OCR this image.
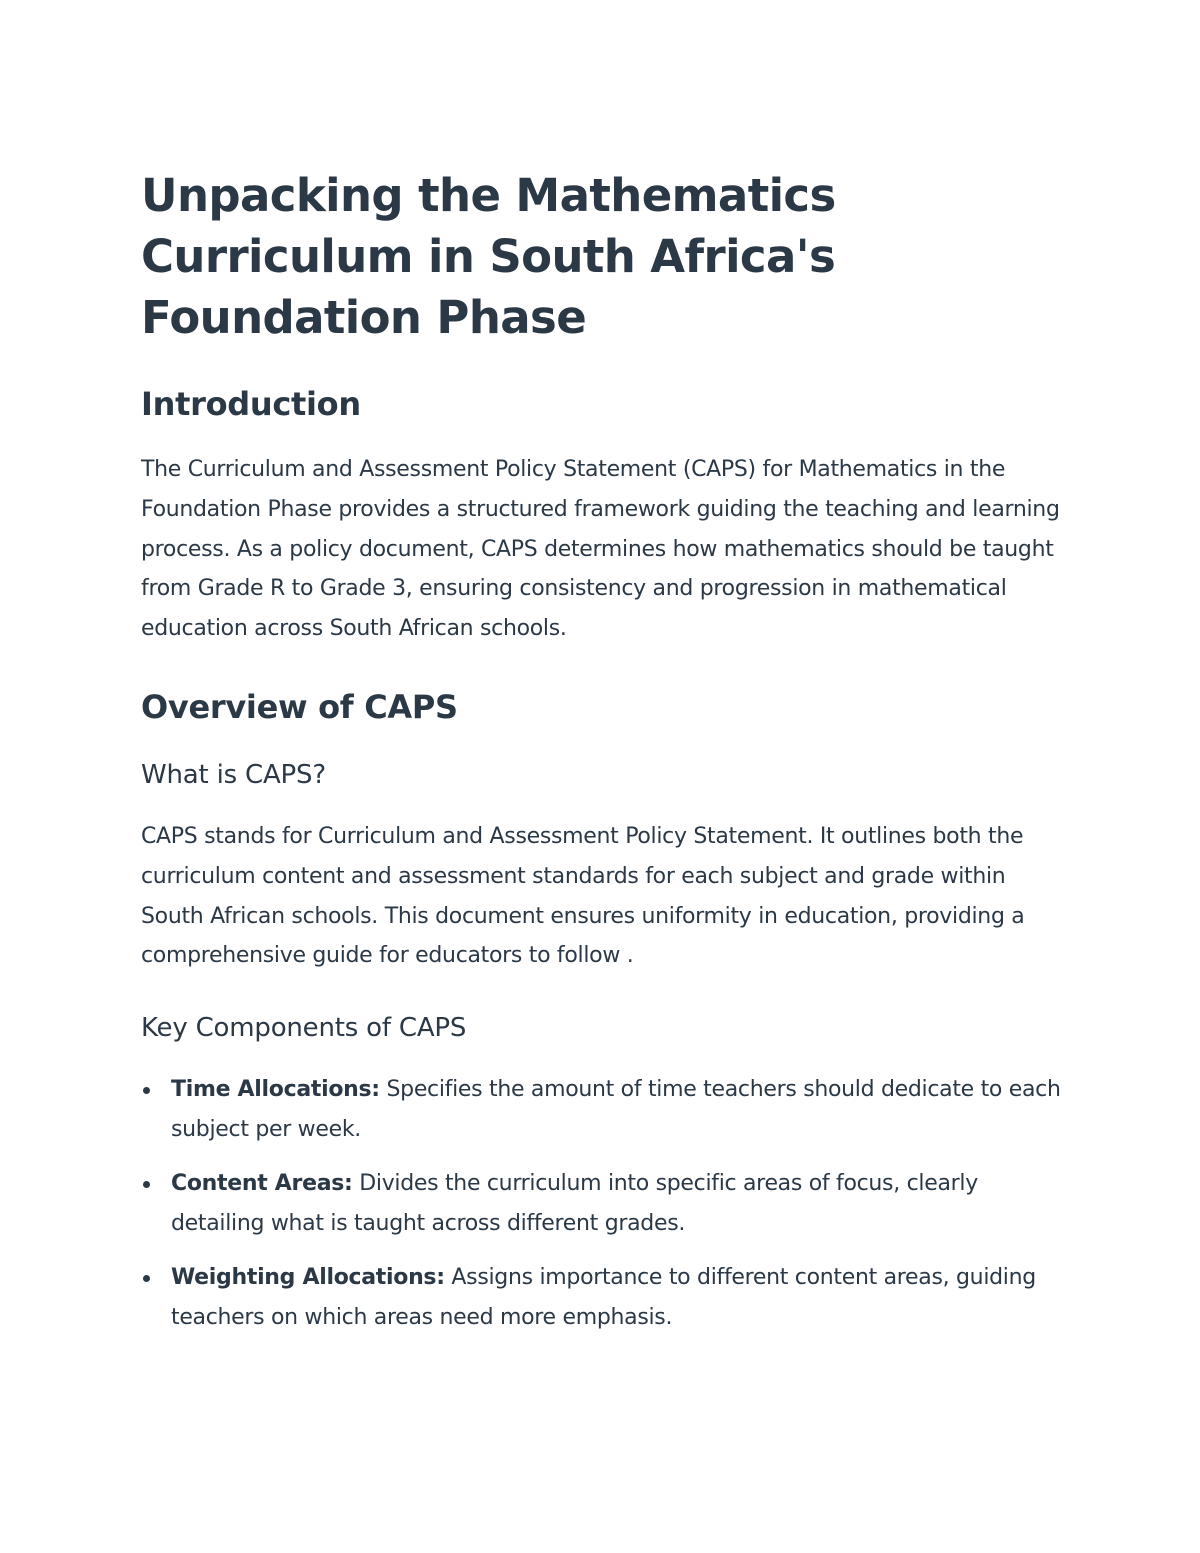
Unpacking the Mathematics Curriculum in South Africa's Foundation Phase
Introduction

The Curriculum and Assessment Policy Statement (CAPS) for Mathematics in the Foundation Phase provides a structured framework guiding the teaching and learning process. As a policy document, CAPS determines how mathematics should be taught from Grade R to Grade 3, ensuring consistency and progression in mathematical education across South African schools.

Overview of CAPS
What is CAPS?

CAPS stands for Curriculum and Assessment Policy Statement. It outlines both the curriculum content and assessment standards for each subject and grade within South African schools. This document ensures uniformity in education, providing a comprehensive guide for educators to follow .

Key Components of CAPS
Time Allocations: Specifies the amount of time teachers should dedicate to each subject per week.
Content Areas: Divides the curriculum into specific areas of focus, clearly detailing what is taught across different grades.
Weighting Allocations: Assigns importance to different content areas, guiding teachers on which areas need more emphasis.
